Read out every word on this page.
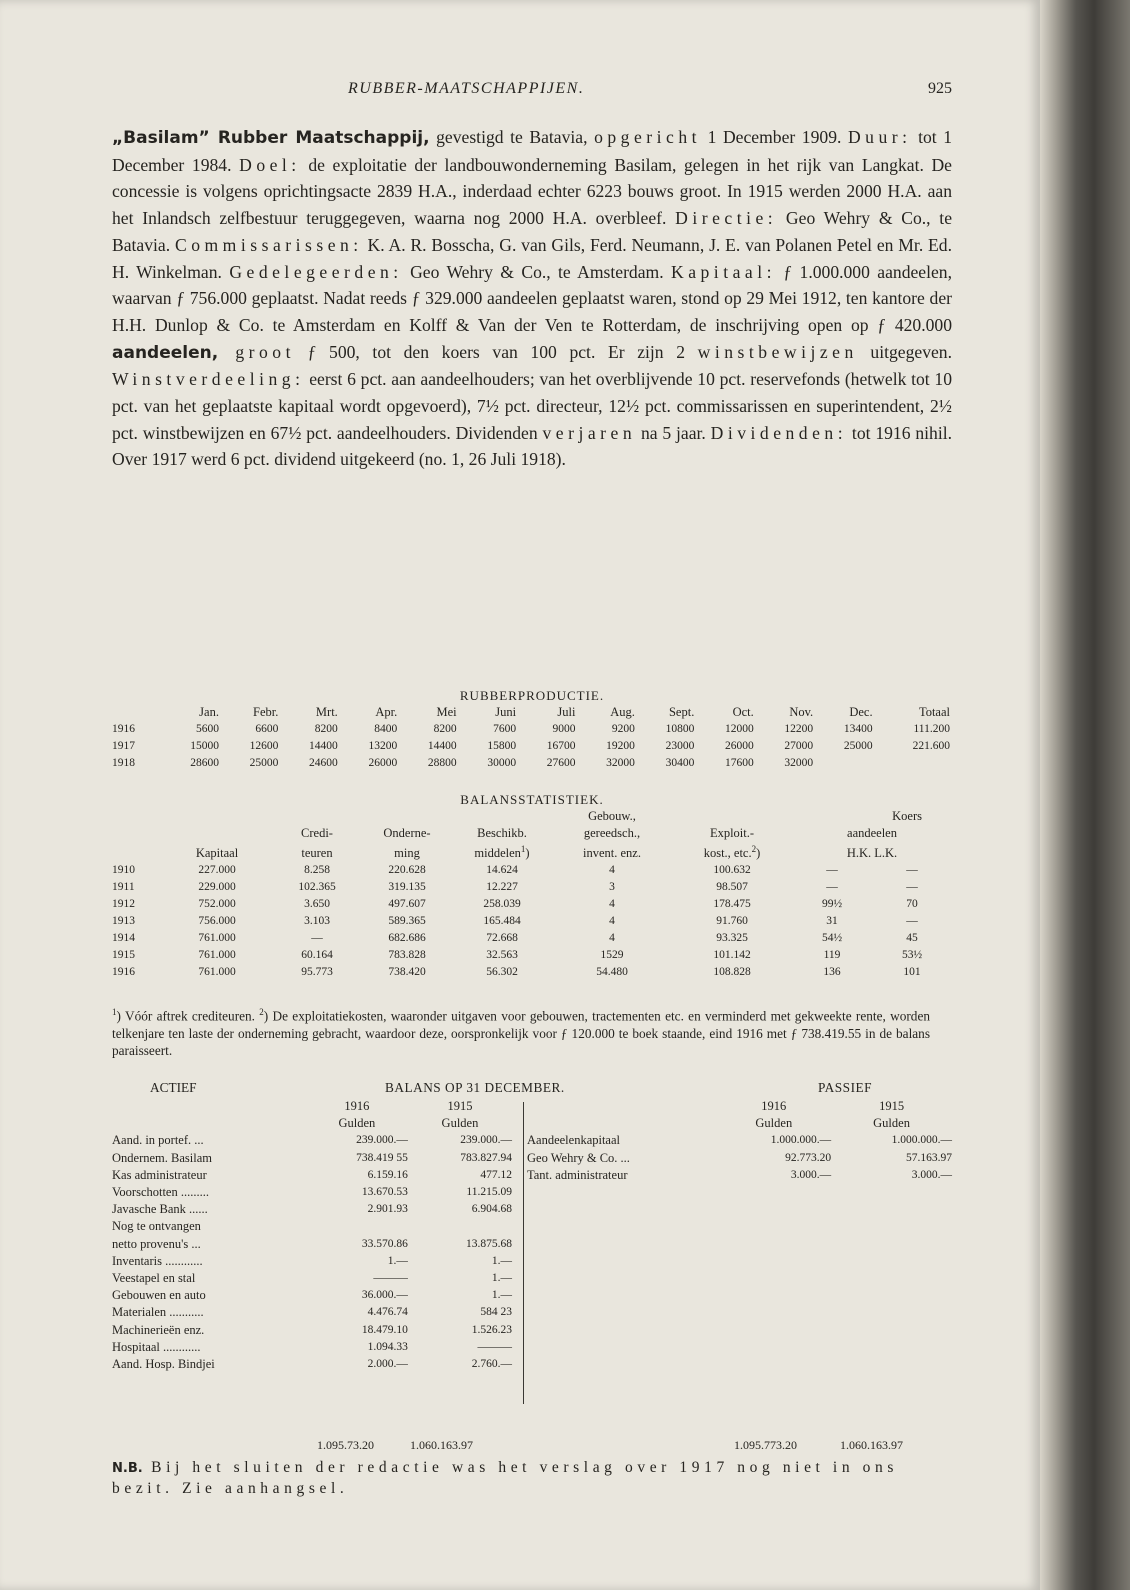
RUBBER-MAATSCHAPPIJEN.	925
„Basilam” Rubber Maatschappij, gevestigd te Batavia, opgericht 1 December 1909. Duur: tot 1 December 1984. Doel: de exploitatie der landbouwonderneming Basilam, gelegen in het rijk van Langkat. De concessie is volgens oprichtingsacte 2839 H.A., inderdaad echter 6223 bouws groot. In 1915 werden 2000 H.A. aan het Inlandsch zelfbestuur teruggegeven, waarna nog 2000 H.A. overbleef. Directie: Geo Wehry & Co., te Batavia. Commissarissen: K. A. R. Bosscha, G. van Gils, Ferd. Neumann, J. E. van Polanen Petel en Mr. Ed. H. Winkelman. Gedelegeerden: Geo Wehry & Co., te Amsterdam. Kapitaal: ƒ 1.000.000 aandeelen, waarvan ƒ 756.000 geplaatst. Nadat reeds ƒ 329.000 aandeelen geplaatst waren, stond op 29 Mei 1912, ten kantore der H.H. Dunlop & Co. te Amsterdam en Kolff & Van der Ven te Rotterdam, de inschrijving open op ƒ 420.000 aandeelen, groot ƒ 500, tot den koers van 100 pct. Er zijn 2 winstbewijzen uitgegeven. Winstverdeeling: eerst 6 pct. aan aandeelhouders; van het overblijvende 10 pct. reservefonds (hetwelk tot 10 pct. van het geplaatste kapitaal wordt opgevoerd), 7½ pct. directeur, 12½ pct. commissarissen en superintendent, 2½ pct. winstbewijzen en 67½ pct. aandeelhouders. Dividenden verjaren na 5 jaar. Dividenden: tot 1916 nihil. Over 1917 werd 6 pct. dividend uitgekeerd (no. 1, 26 Juli 1918).
RUBBERPRODUCTIE.
	Jan.	Febr.	Mrt.	Apr.	Mei	Juni	Juli	Aug.	Sept.	Oct.	Nov.	Dec.	Totaal
1916	5600	6600	8200	8400	8200	7600	9000	9200	10800	12000	12200	13400	111.200
1917	15000	12600	14400	13200	14400	15800	16700	19200	23000	26000	27000	25000	221.600
1918	28600	25000	24600	26000	28800	30000	27600	32000	30400	17600	32000		
BALANSSTATISTIEK.
					Gebouw.,		Koers	
		Credi-	Onderne-	Beschikb.	gereedsch.,	Exploit.-	aandeelen	
	Kapitaal	teuren	ming	middelen$^1$)	invent. enz.	kost., etc.$^2$)	H.K. L.K.	
1910	227.000	8.258	220.628	14.624	4	100.632	—	—
1911	229.000	102.365	319.135	12.227	3	98.507	—	—
1912	752.000	3.650	497.607	258.039	4	178.475	99½	70
1913	756.000	3.103	589.365	165.484	4	91.760	31	—
1914	761.000	—	682.686	72.668	4	93.325	54½	45
1915	761.000	60.164	783.828	32.563	1529	101.142	119	53½
1916	761.000	95.773	738.420	56.302	54.480	108.828	136	101
$^1$) Vóór aftrek crediteuren. $^2$) De exploitatiekosten, waaronder uitgaven voor gebouwen, tractementen etc. en verminderd met gekweekte rente, worden telkenjare ten laste der onderneming gebracht, waardoor deze, oorspronkelijk voor ƒ 120.000 te boek staande, eind 1916 met ƒ 738.419.55 in de balans paraisseert.
ACTIEF	BALANS OP 31 DECEMBER.	PASSIEF
	1916	1915
	Gulden	Gulden
Aand. in portef. ...	239.000.—	239.000.—
Ondernem. Basilam	738.419 55	783.827.94
Kas administrateur	6.159.16	477.12
Voorschotten .........	13.670.53	11.215.09
Javasche Bank ......	2.901.93	6.904.68
Nog te ontvangen		
netto provenu's ...	33.570.86	13.875.68
Inventaris ............	1.—	1.—
Veestapel en stal	———	1.—
Gebouwen en auto	36.000.—	1.—
Materialen ...........	4.476.74	584 23
Machinerieën enz.	18.479.10	1.526.23
Hospitaal ............	1.094.33	———
Aand. Hosp. Bindjei	2.000.—	2.760.—
	1916	1915
	Gulden	Gulden
Aandeelenkapitaal	1.000.000.—	1.000.000.—
Geo Wehry & Co. ...	92.773.20	57.163.97
Tant. administrateur	3.000.—	3.000.—
1.095.73.20	1.060.163.97	1.095.773.20	1.060.163.97
N.B. Bij het sluiten der redactie was het verslag over 1917 nog niet in ons bezit. Zie aanhangsel.
